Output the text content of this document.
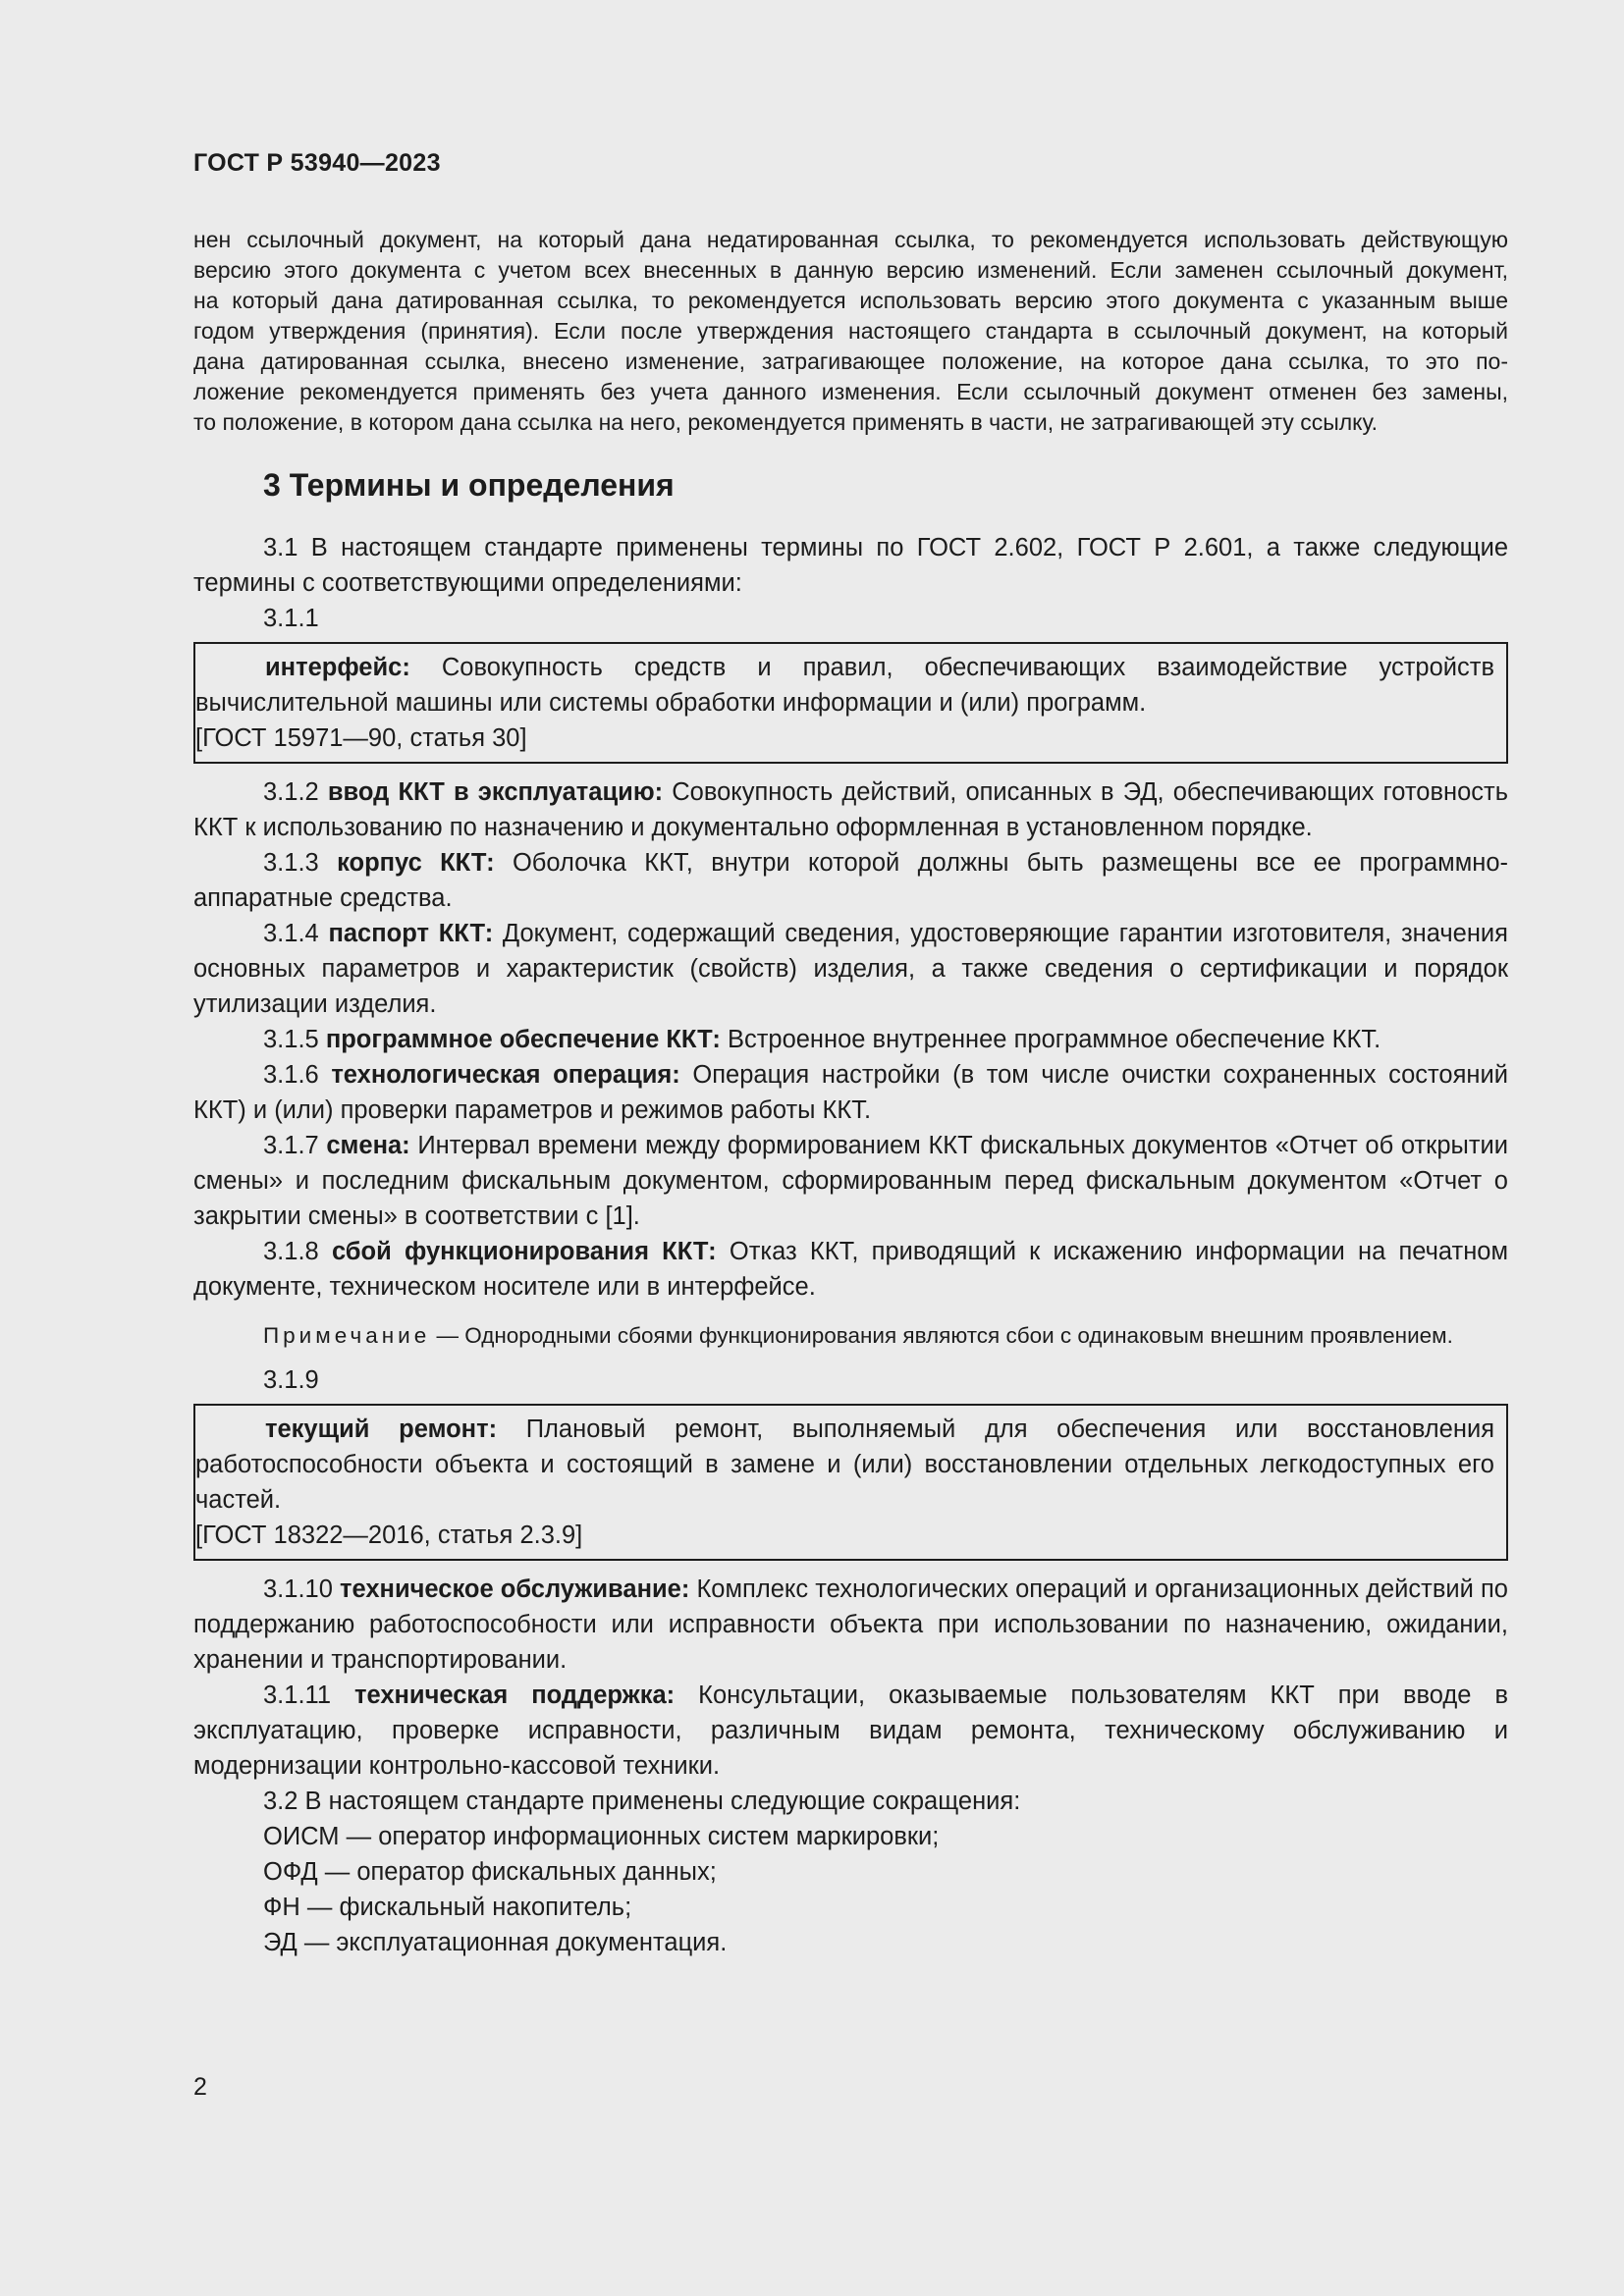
ГОСТ Р 53940—2023
нен ссылочный документ, на который дана недатированная ссылка, то рекомендуется использовать действующую
версию этого документа с учетом всех внесенных в данную версию изменений. Если заменен ссылочный документ,
на который дана датированная ссылка, то рекомендуется использовать версию этого документа с указанным выше
годом утверждения (принятия). Если после утверждения настоящего стандарта в ссылочный документ, на который
дана датированная ссылка, внесено изменение, затрагивающее положение, на которое дана ссылка, то это по-
ложение рекомендуется применять без учета данного изменения. Если ссылочный документ отменен без замены,
то положение, в котором дана ссылка на него, рекомендуется применять в части, не затрагивающей эту ссылку.
3 Термины и определения

3.1 В настоящем стандарте применены термины по ГОСТ 2.602, ГОСТ Р 2.601, а также следующие термины с соответствующими определениями:

3.1.1

интерфейс: Совокупность средств и правил, обеспечивающих взаимодействие устройств вычислительной машины или системы обработки информации и (или) программ.

[ГОСТ 15971—90, статья 30]

3.1.2 ввод ККТ в эксплуатацию: Совокупность действий, описанных в ЭД, обеспечивающих готовность ККТ к использованию по назначению и документально оформленная в установленном порядке.

3.1.3 корпус ККТ: Оболочка ККТ, внутри которой должны быть размещены все ее программно-аппаратные средства.

3.1.4 паспорт ККТ: Документ, содержащий сведения, удостоверяющие гарантии изготовителя, значения основных параметров и характеристик (свойств) изделия, а также сведения о сертификации и порядок утилизации изделия.

3.1.5 программное обеспечение ККТ: Встроенное внутреннее программное обеспечение ККТ.

3.1.6 технологическая операция: Операция настройки (в том числе очистки сохраненных состояний ККТ) и (или) проверки параметров и режимов работы ККТ.

3.1.7 смена: Интервал времени между формированием ККТ фискальных документов «Отчет об открытии смены» и последним фискальным документом, сформированным перед фискальным документом «Отчет о закрытии смены» в соответствии с [1].

3.1.8 сбой функционирования ККТ: Отказ ККТ, приводящий к искажению информации на печатном документе, техническом носителе или в интерфейсе.

Примечание — Однородными сбоями функционирования являются сбои с одинаковым внешним проявлением.

3.1.9

текущий ремонт: Плановый ремонт, выполняемый для обеспечения или восстановления работоспособности объекта и состоящий в замене и (или) восстановлении отдельных легкодоступных его частей.

[ГОСТ 18322—2016, статья 2.3.9]

3.1.10 техническое обслуживание: Комплекс технологических операций и организационных действий по поддержанию работоспособности или исправности объекта при использовании по назначению, ожидании, хранении и транспортировании.

3.1.11 техническая поддержка: Консультации, оказываемые пользователям ККТ при вводе в эксплуатацию, проверке исправности, различным видам ремонта, техническому обслуживанию и модернизации контрольно-кассовой техники.

3.2 В настоящем стандарте применены следующие сокращения:

ОИСМ — оператор информационных систем маркировки;

ОФД — оператор фискальных данных;

ФН — фискальный накопитель;

ЭД — эксплуатационная документация.

2
